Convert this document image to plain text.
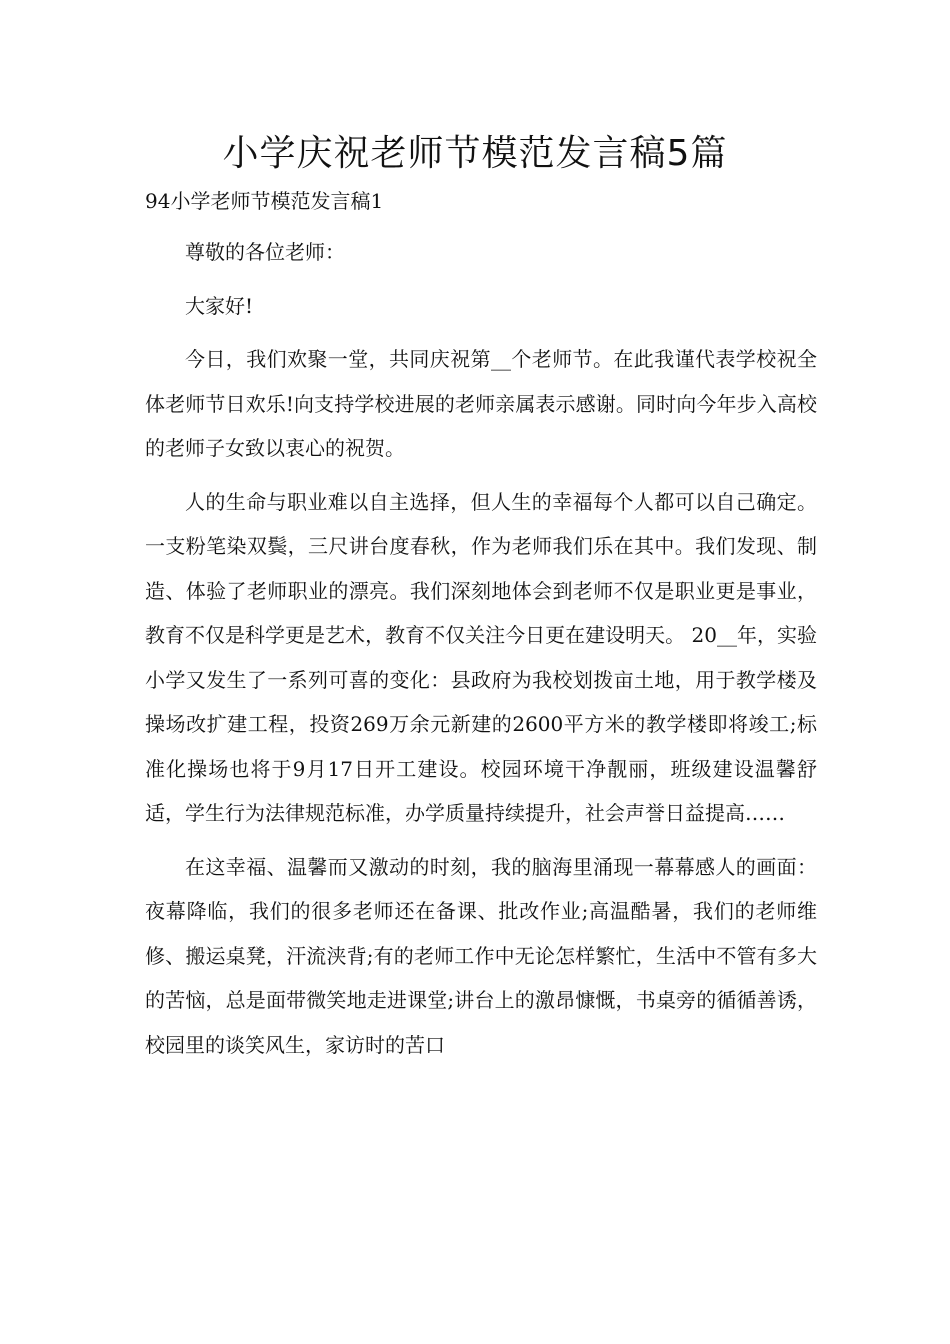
小学庆祝老师节模范发言稿5篇
94小学老师节模范发言稿1

尊敬的各位老师：

大家好!

今日，我们欢聚一堂，共同庆祝第__个老师节。在此我谨代表学校祝全体老师节日欢乐!向支持学校进展的老师亲属表示感谢。同时向今年步入高校的老师子女致以衷心的祝贺。

人的生命与职业难以自主选择，但人生的幸福每个人都可以自己确定。一支粉笔染双鬓，三尺讲台度春秋，作为老师我们乐在其中。我们发现、制造、体验了老师职业的漂亮。我们深刻地体会到老师不仅是职业更是事业，教育不仅是科学更是艺术，教育不仅关注今日更在建设明天。 20__年，实验小学又发生了一系列可喜的变化：县政府为我校划拨亩土地，用于教学楼及操场改扩建工程，投资269万余元新建的2600平方米的教学楼即将竣工;标准化操场也将于9月17日开工建设。校园环境干净靓丽，班级建设温馨舒适，学生行为法律规范标准，办学质量持续提升，社会声誉日益提高……

在这幸福、温馨而又激动的时刻，我的脑海里涌现一幕幕感人的画面：夜幕降临，我们的很多老师还在备课、批改作业;高温酷暑，我们的老师维修、搬运桌凳，汗流浃背;有的老师工作中无论怎样繁忙，生活中不管有多大的苦恼，总是面带微笑地走进课堂;讲台上的激昂慷慨，书桌旁的循循善诱，校园里的谈笑风生，家访时的苦口
